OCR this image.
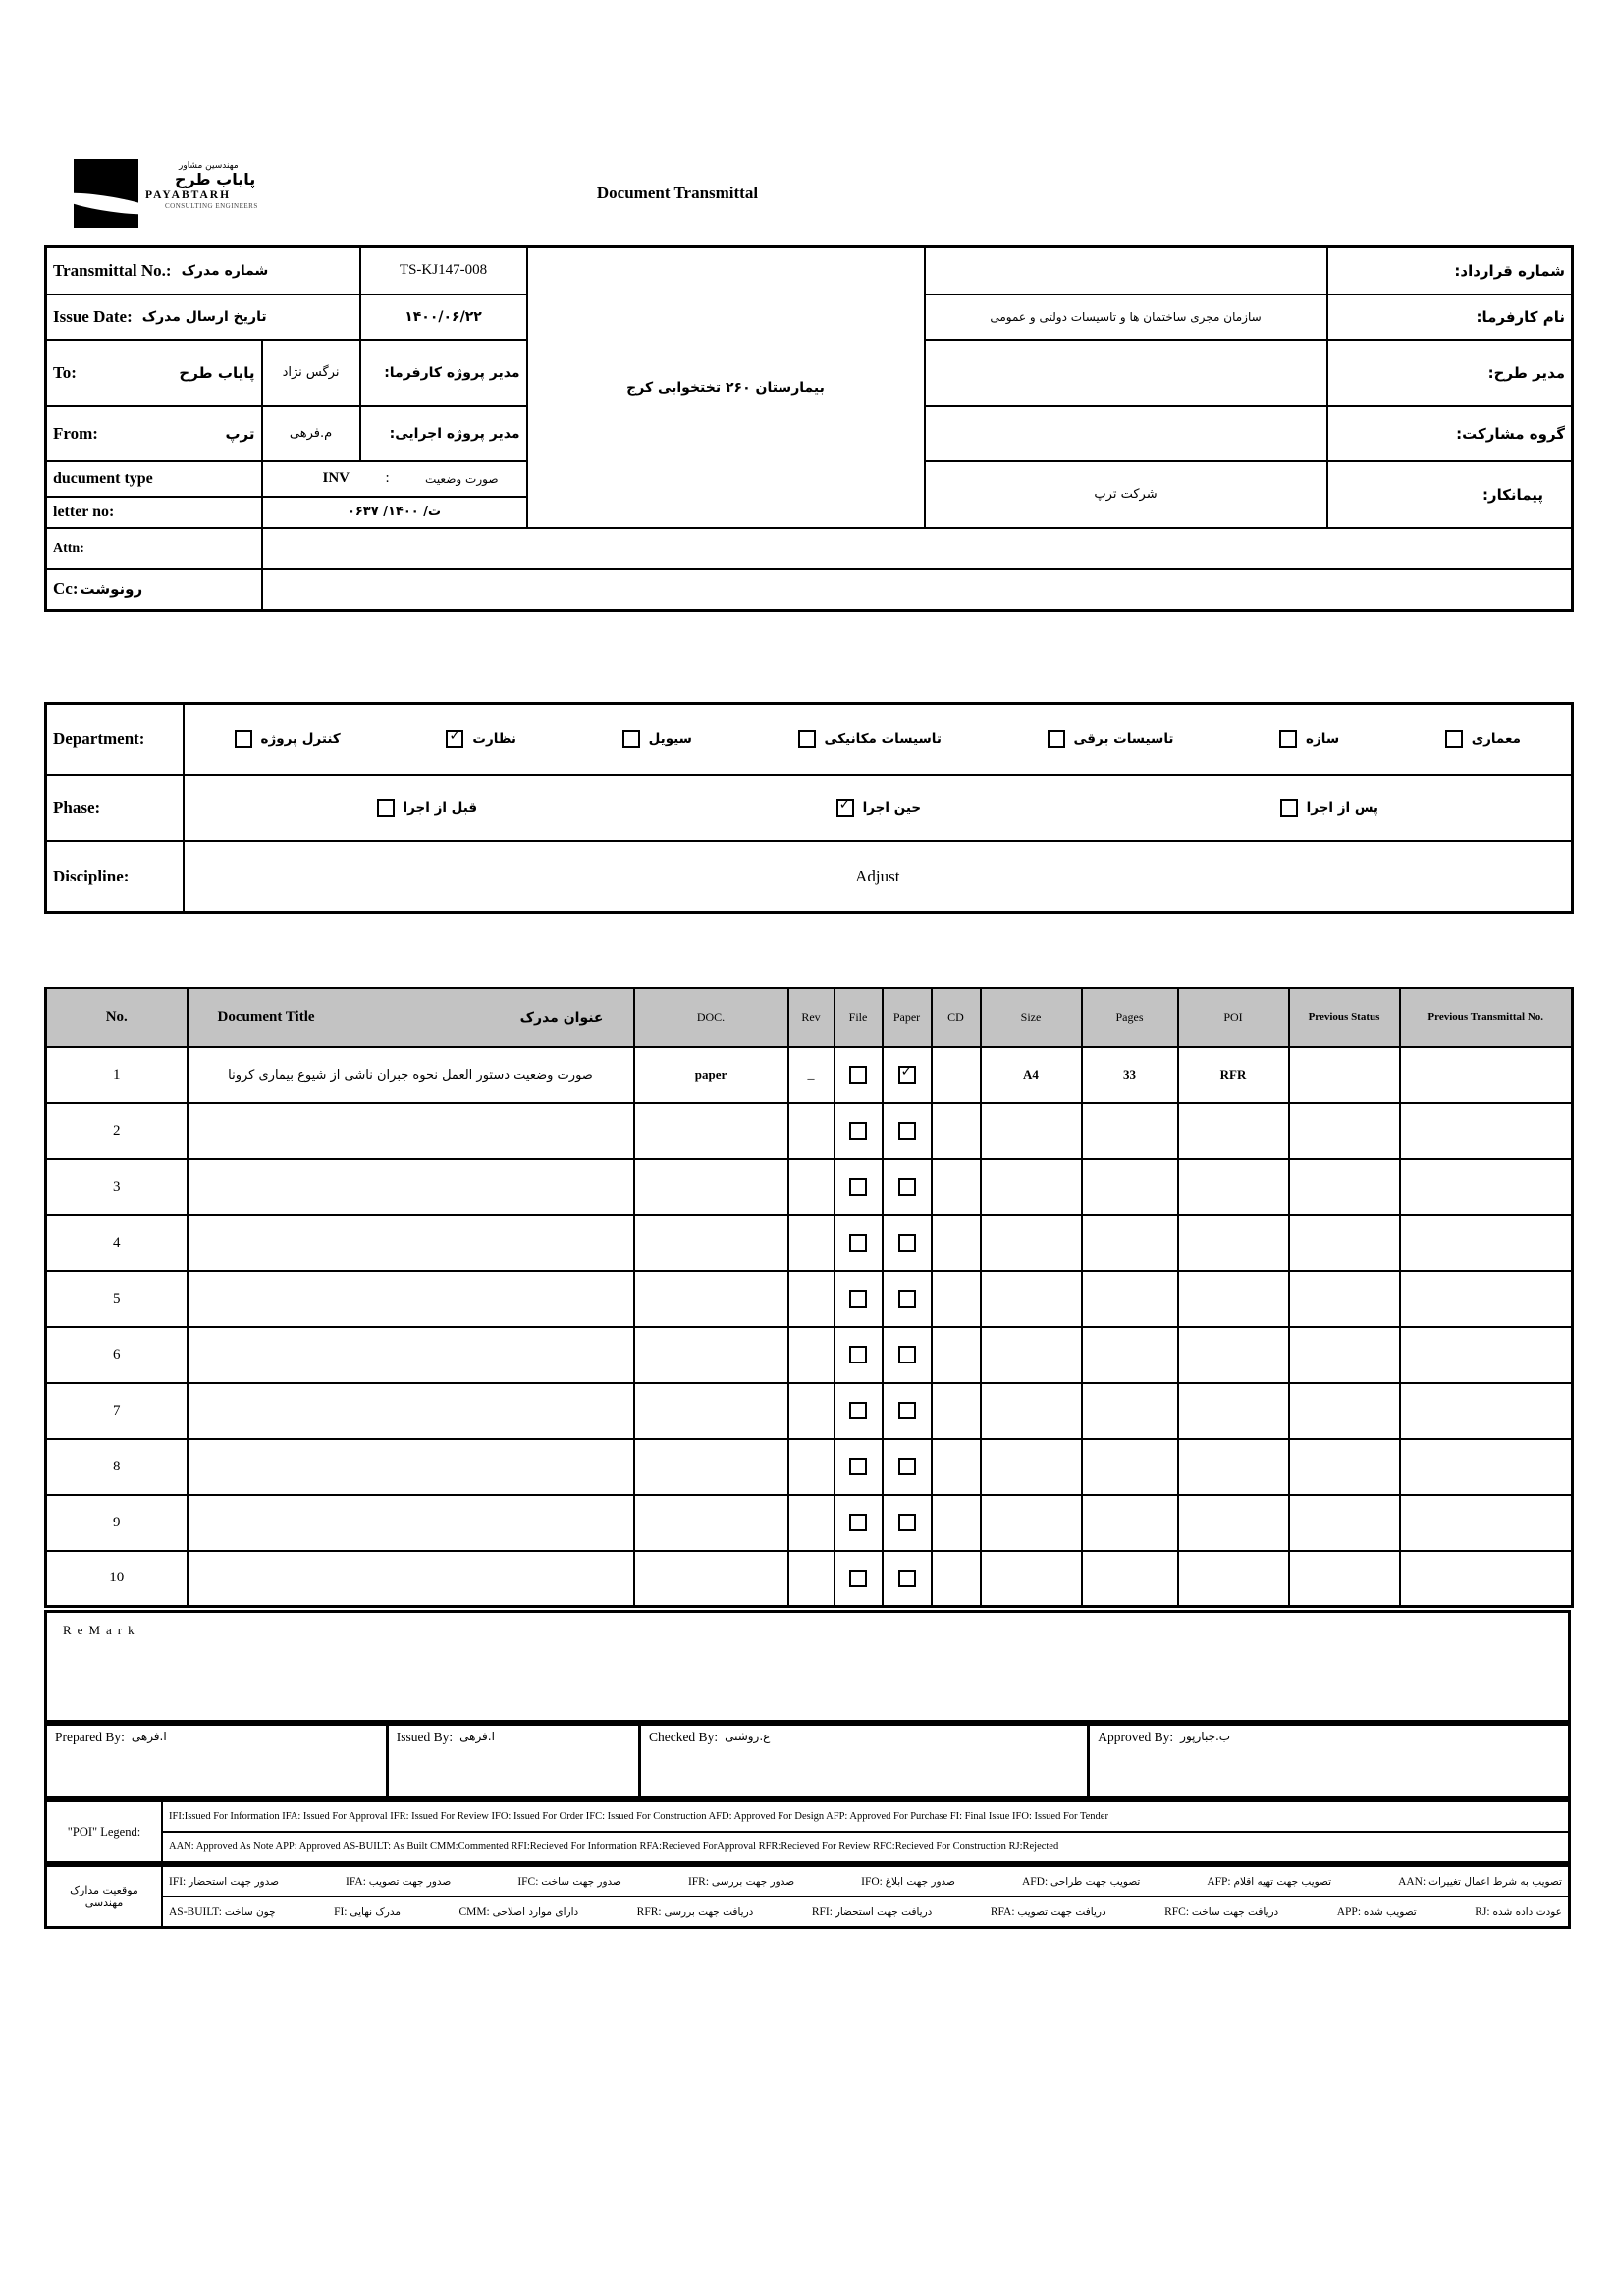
مهندسین مشاور
پایاب طرح
PAYABTARH
CONSULTING ENGINEERS
Document Transmittal
Transmittal No.: شماره مدرک		TS-KJ147-008	بیمارستان ۲۶۰ تختخوابی کرج		شماره قرارداد:

Issue Date: تاریخ ارسال مدرک		۱۴۰۰/۰۶/۲۲		سازمان مجری ساختمان ها و تاسیسات دولتی و عمومی	نام کارفرما:

To: پایاب طرح	نرگس نژاد	مدیر پروژه کارفرما:			مدیر طرح:

From: ترپ	م.فرهی	مدیر پروژه اجرایی:			گروه مشارکت:
ducument type	INV : صورت وضعیت			شرکت ترپ	پیمانکار:
letter no:	ت/ ۱۴۰۰/ ۰۶۳۷				
Attn:					

Cc: رونوشت					

Department:	معماری
سازه
تاسیسات برقی
تاسیسات مکانیکی
سیویل
✓
نظارت
کنترل پروژه

Phase:	پس از اجرا
✓
حین اجرا
قبل از اجرا

Discipline:	Adjust
No.	Document Title عنوان مدرک	DOC.	Rev	File	Paper	CD	Size	Pages	POI	Previous Status	Previous Transmittal No.
1	صورت وضعیت دستور العمل نحوه جبران ناشی از شیوع بیماری کرونا	paper	_		✓		A4	33	RFR		
2											
3											
4											
5											
6											
7											
8											
9											
10											
ReMark
Prepared By: ا.فرهی	Issued By: ا.فرهی	Checked By: ع.روشنی	Approved By: ب.جبارپور
"POI" Legend:
IFI:Issued For Information IFA: Issued For Approval IFR: Issued For Review IFO: Issued For Order IFC: Issued For Construction AFD: Approved For Design AFP: Approved For Purchase FI: Final Issue IFO: Issued For Tender
AAN: Approved As Note APP: Approved AS-BUILT: As Built CMM:Commented RFI:Recieved For Information RFA:Recieved ForApproval RFR:Recieved For Review RFC:Recieved For Construction RJ:Rejected
موقعیت مدارک مهندسی
IFI: صدور جهت استحضار	IFA: صدور جهت تصویب	IFC: صدور جهت ساخت	IFR: صدور جهت بررسی	IFO: صدور جهت ابلاغ	AFD: تصویب جهت طراحی	AFP: تصویب جهت تهیه اقلام	AAN: تصویب به شرط اعمال تغییرات
AS-BUILT: چون ساخت	FI: مدرک نهایی	CMM: دارای موارد اصلاحی	RFR: دریافت جهت بررسی	RFI: دریافت جهت استحضار	RFA: دریافت جهت تصویب	RFC: دریافت جهت ساخت	APP: تصویب شده	RJ: عودت داده شده
